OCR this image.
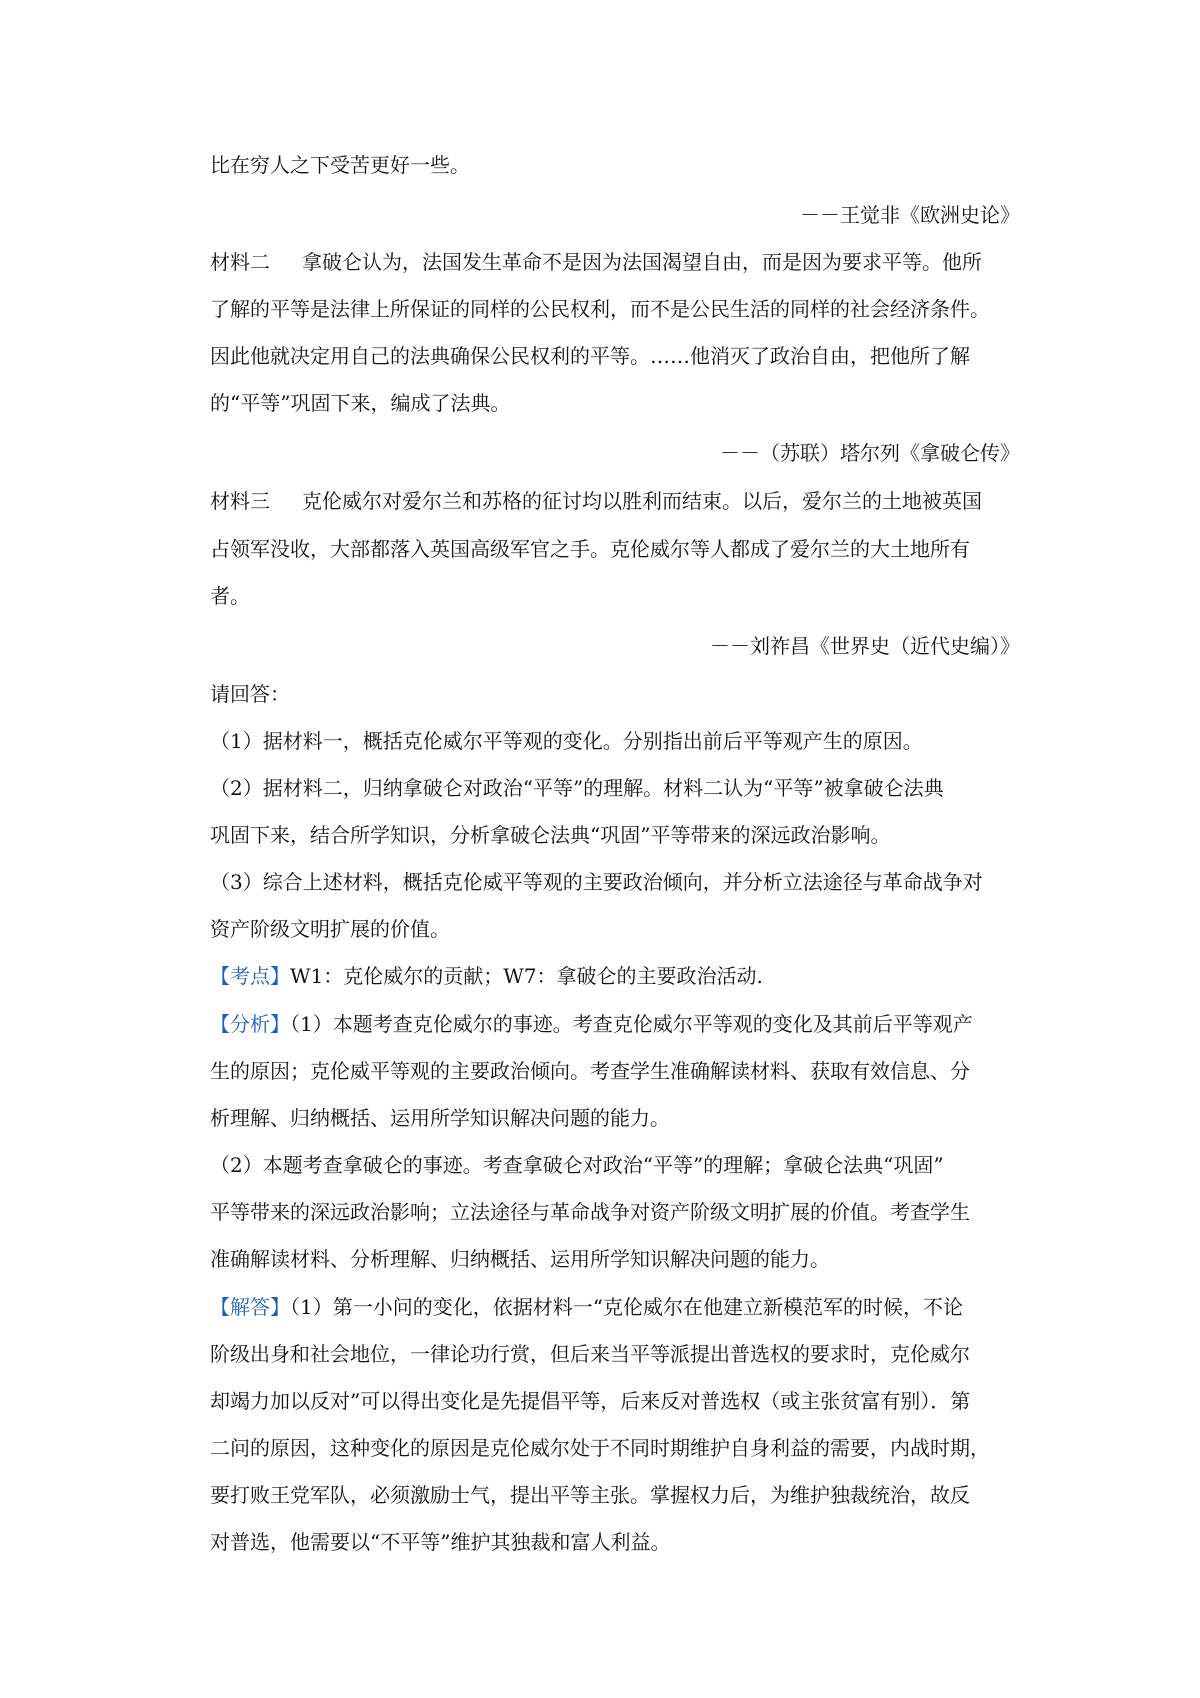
比在穷人之下受苦更好一些。
－－王觉非《欧洲史论》
材料二 拿破仑认为，法国发生革命不是因为法国渴望自由，而是因为要求平等。他所
了解的平等是法律上所保证的同样的公民权利，而不是公民生活的同样的社会经济条件。
因此他就决定用自己的法典确保公民权利的平等。……他消灭了政治自由，把他所了解
的“平等”巩固下来，编成了法典。
－－（苏联）塔尔列《拿破仑传》
材料三 克伦威尔对爱尔兰和苏格的征讨均以胜利而结束。以后，爱尔兰的土地被英国
占领军没收，大部都落入英国高级军官之手。克伦威尔等人都成了爱尔兰的大土地所有
者。
－－刘祚昌《世界史（近代史编）》
请回答：
（1）据材料一，概括克伦威尔平等观的变化。分别指出前后平等观产生的原因。
（2）据材料二，归纳拿破仑对政治“平等”的理解。材料二认为“平等”被拿破仑法典
巩固下来，结合所学知识，分析拿破仑法典“巩固”平等带来的深远政治影响。
（3）综合上述材料，概括克伦威平等观的主要政治倾向，并分析立法途径与革命战争对
资产阶级文明扩展的价值。
【考点】W1：克伦威尔的贡献；W7：拿破仑的主要政治活动.
【分析】（1）本题考查克伦威尔的事迹。考查克伦威尔平等观的变化及其前后平等观产
生的原因；克伦威平等观的主要政治倾向。考查学生准确解读材料、获取有效信息、分
析理解、归纳概括、运用所学知识解决问题的能力。
（2）本题考查拿破仑的事迹。考查拿破仑对政治“平等”的理解；拿破仑法典“巩固”
平等带来的深远政治影响；立法途径与革命战争对资产阶级文明扩展的价值。考查学生
准确解读材料、分析理解、归纳概括、运用所学知识解决问题的能力。
【解答】（1）第一小问的变化，依据材料一“克伦威尔在他建立新模范军的时候，不论
阶级出身和社会地位，一律论功行赏，但后来当平等派提出普选权的要求时，克伦威尔
却竭力加以反对”可以得出变化是先提倡平等，后来反对普选权（或主张贫富有别）．第
二问的原因，这种变化的原因是克伦威尔处于不同时期维护自身利益的需要，内战时期，
要打败王党军队，必须激励士气，提出平等主张。掌握权力后，为维护独裁统治，故反
对普选，他需要以“不平等”维护其独裁和富人利益。
